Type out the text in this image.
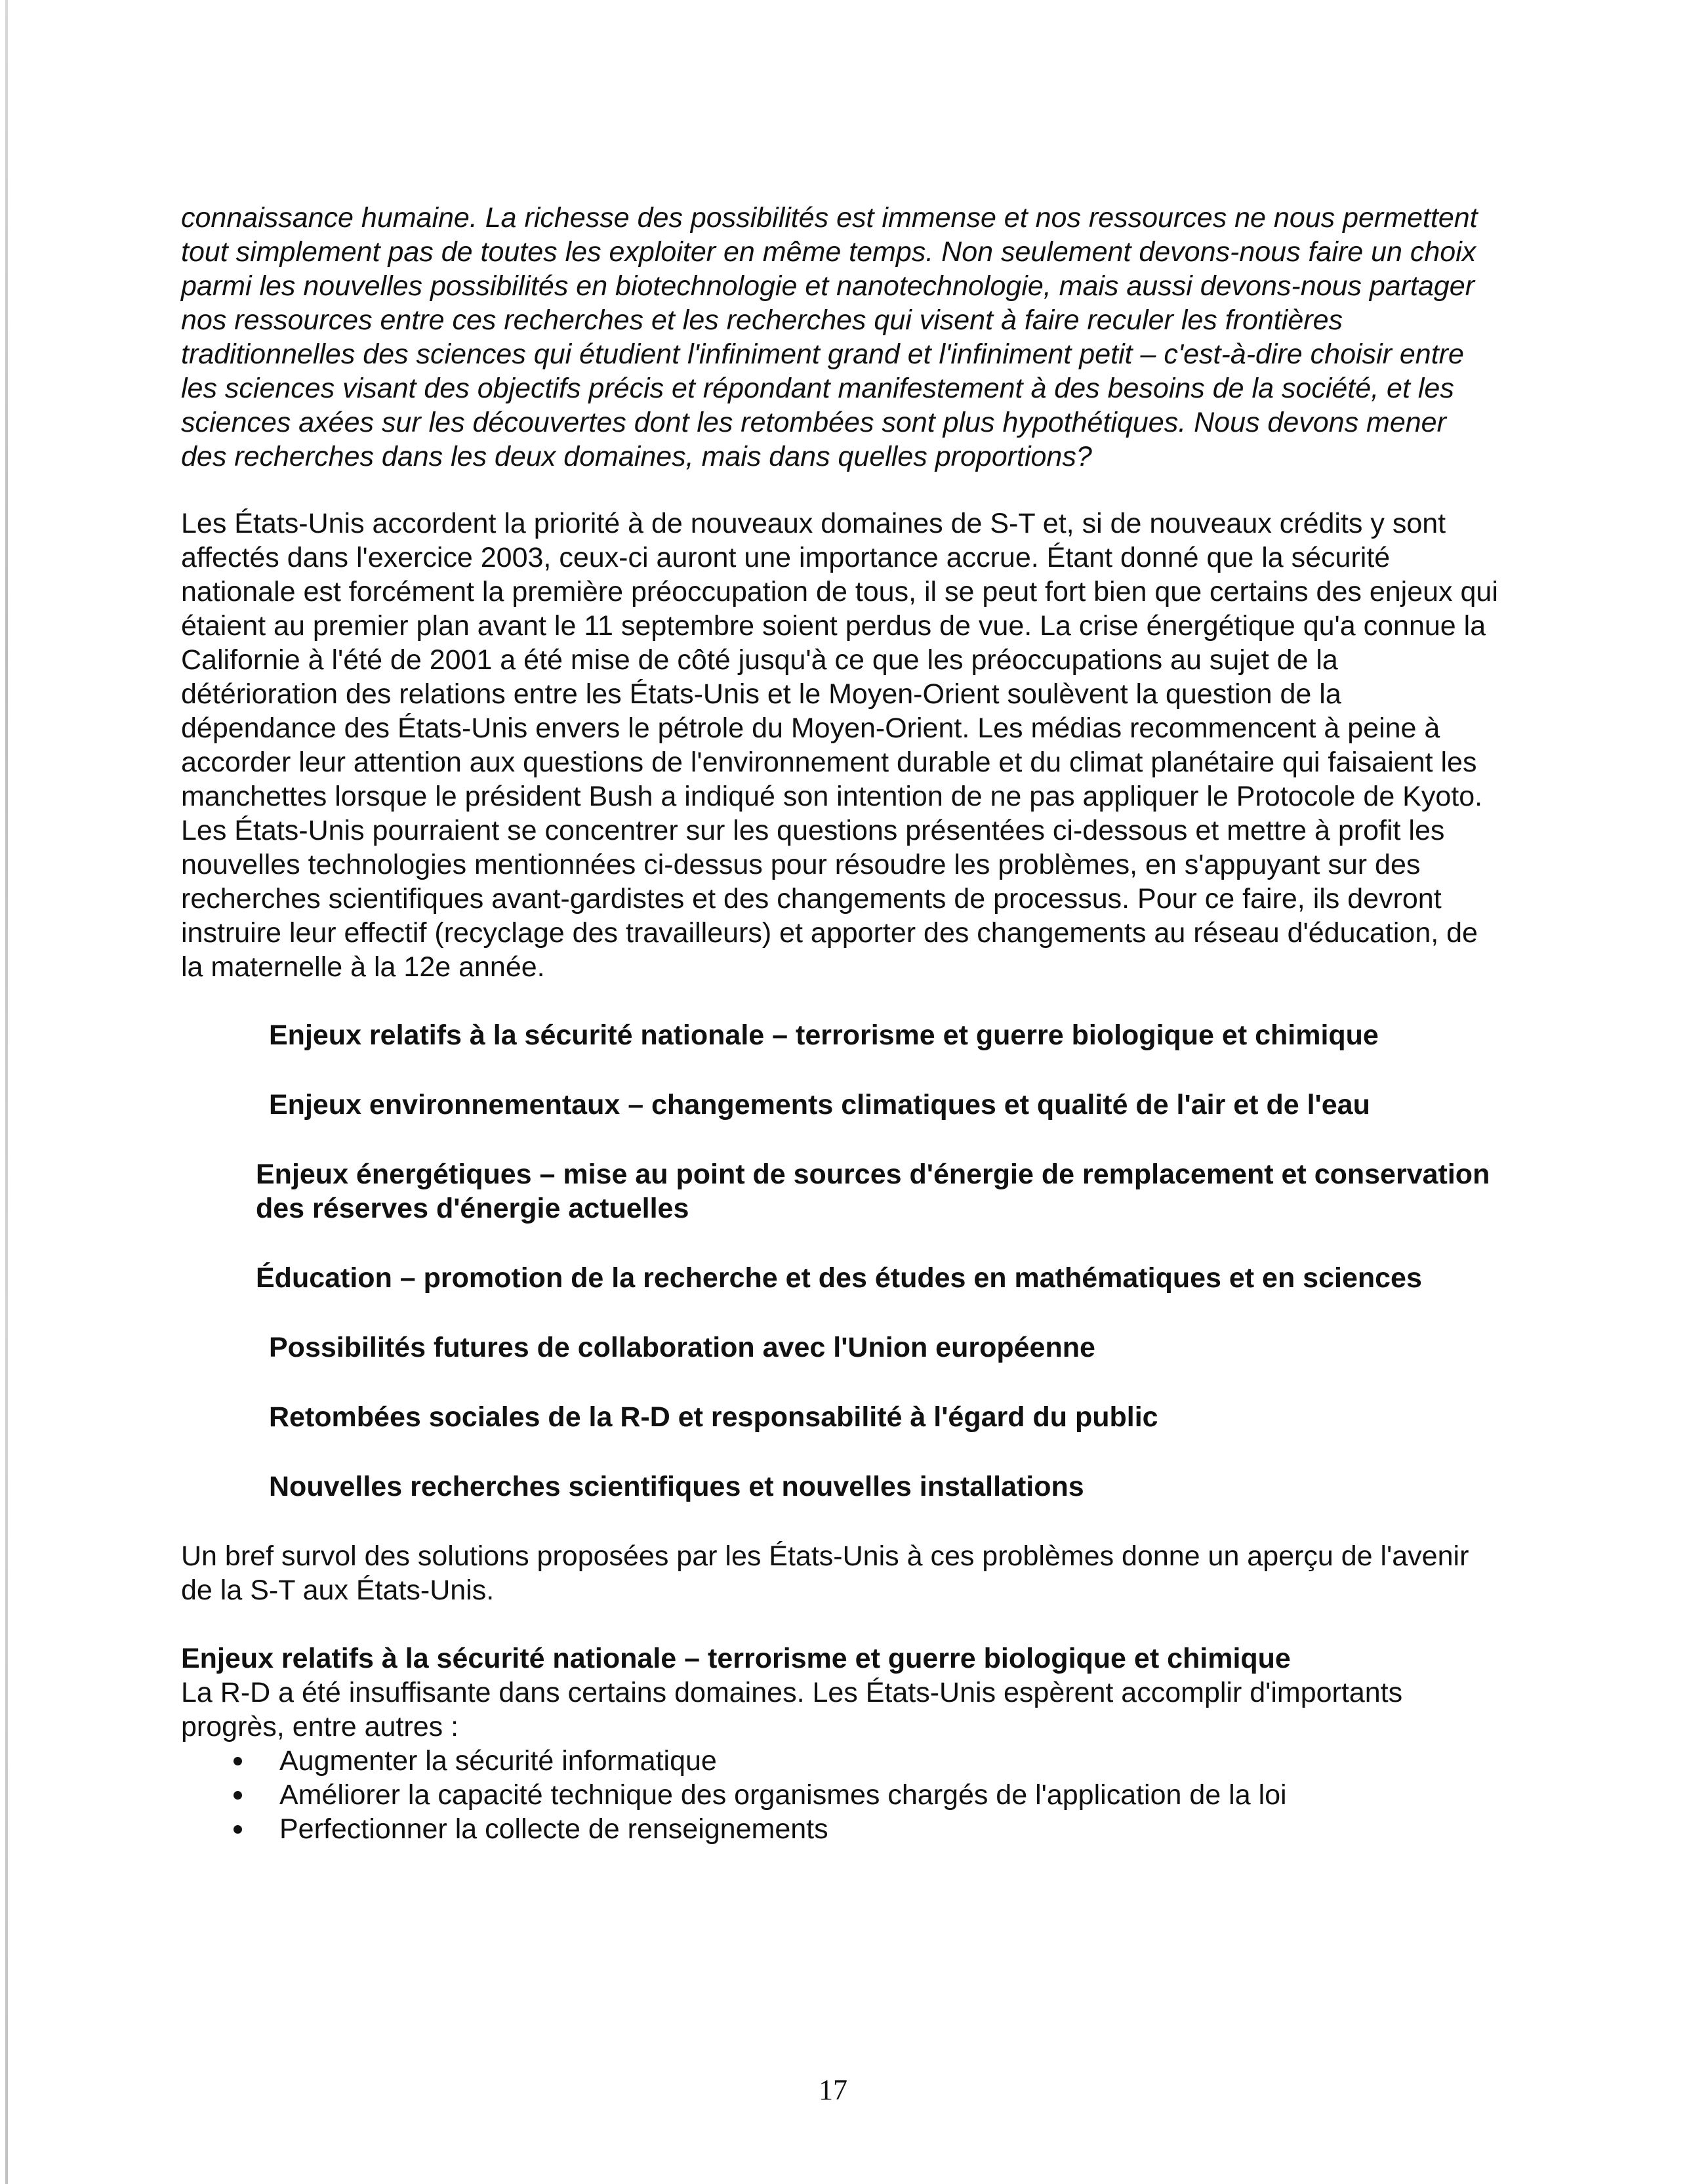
connaissance humaine. La richesse des possibilités est immense et nos ressources ne nous permettent tout simplement pas de toutes les exploiter en même temps. Non seulement devons-nous faire un choix parmi les nouvelles possibilités en biotechnologie et nanotechnologie, mais aussi devons-nous partager nos ressources entre ces recherches et les recherches qui visent à faire reculer les frontières traditionnelles des sciences qui étudient l'infiniment grand et l'infiniment petit – c'est-à-dire choisir entre les sciences visant des objectifs précis et répondant manifestement à des besoins de la société, et les sciences axées sur les découvertes dont les retombées sont plus hypothétiques. Nous devons mener des recherches dans les deux domaines, mais dans quelles proportions?

Les États-Unis accordent la priorité à de nouveaux domaines de S-T et, si de nouveaux crédits y sont affectés dans l'exercice 2003, ceux-ci auront une importance accrue. Étant donné que la sécurité nationale est forcément la première préoccupation de tous, il se peut fort bien que certains des enjeux qui étaient au premier plan avant le 11 septembre soient perdus de vue. La crise énergétique qu'a connue la Californie à l'été de 2001 a été mise de côté jusqu'à ce que les préoccupations au sujet de la détérioration des relations entre les États-Unis et le Moyen-Orient soulèvent la question de la dépendance des États-Unis envers le pétrole du Moyen-Orient. Les médias recommencent à peine à accorder leur attention aux questions de l'environnement durable et du climat planétaire qui faisaient les manchettes lorsque le président Bush a indiqué son intention de ne pas appliquer le Protocole de Kyoto. Les États-Unis pourraient se concentrer sur les questions présentées ci-dessous et mettre à profit les nouvelles technologies mentionnées ci-dessus pour résoudre les problèmes, en s'appuyant sur des recherches scientifiques avant-gardistes et des changements de processus. Pour ce faire, ils devront instruire leur effectif (recyclage des travailleurs) et apporter des changements au réseau d'éducation, de la maternelle à la 12e année.

Enjeux relatifs à la sécurité nationale – terrorisme et guerre biologique et chimique
Enjeux environnementaux – changements climatiques et qualité de l'air et de l'eau
Enjeux énergétiques – mise au point de sources d'énergie de remplacement et conservation des réserves d'énergie actuelles
Éducation – promotion de la recherche et des études en mathématiques et en sciences
Possibilités futures de collaboration avec l'Union européenne
Retombées sociales de la R-D et responsabilité à l'égard du public
Nouvelles recherches scientifiques et nouvelles installations

Un bref survol des solutions proposées par les États-Unis à ces problèmes donne un aperçu de l'avenir de la S-T aux États-Unis.

Enjeux relatifs à la sécurité nationale – terrorisme et guerre biologique et chimique

La R-D a été insuffisante dans certains domaines. Les États-Unis espèrent accomplir d'importants progrès, entre autres :

Augmenter la sécurité informatique
Améliorer la capacité technique des organismes chargés de l'application de la loi
Perfectionner la collecte de renseignements
17
